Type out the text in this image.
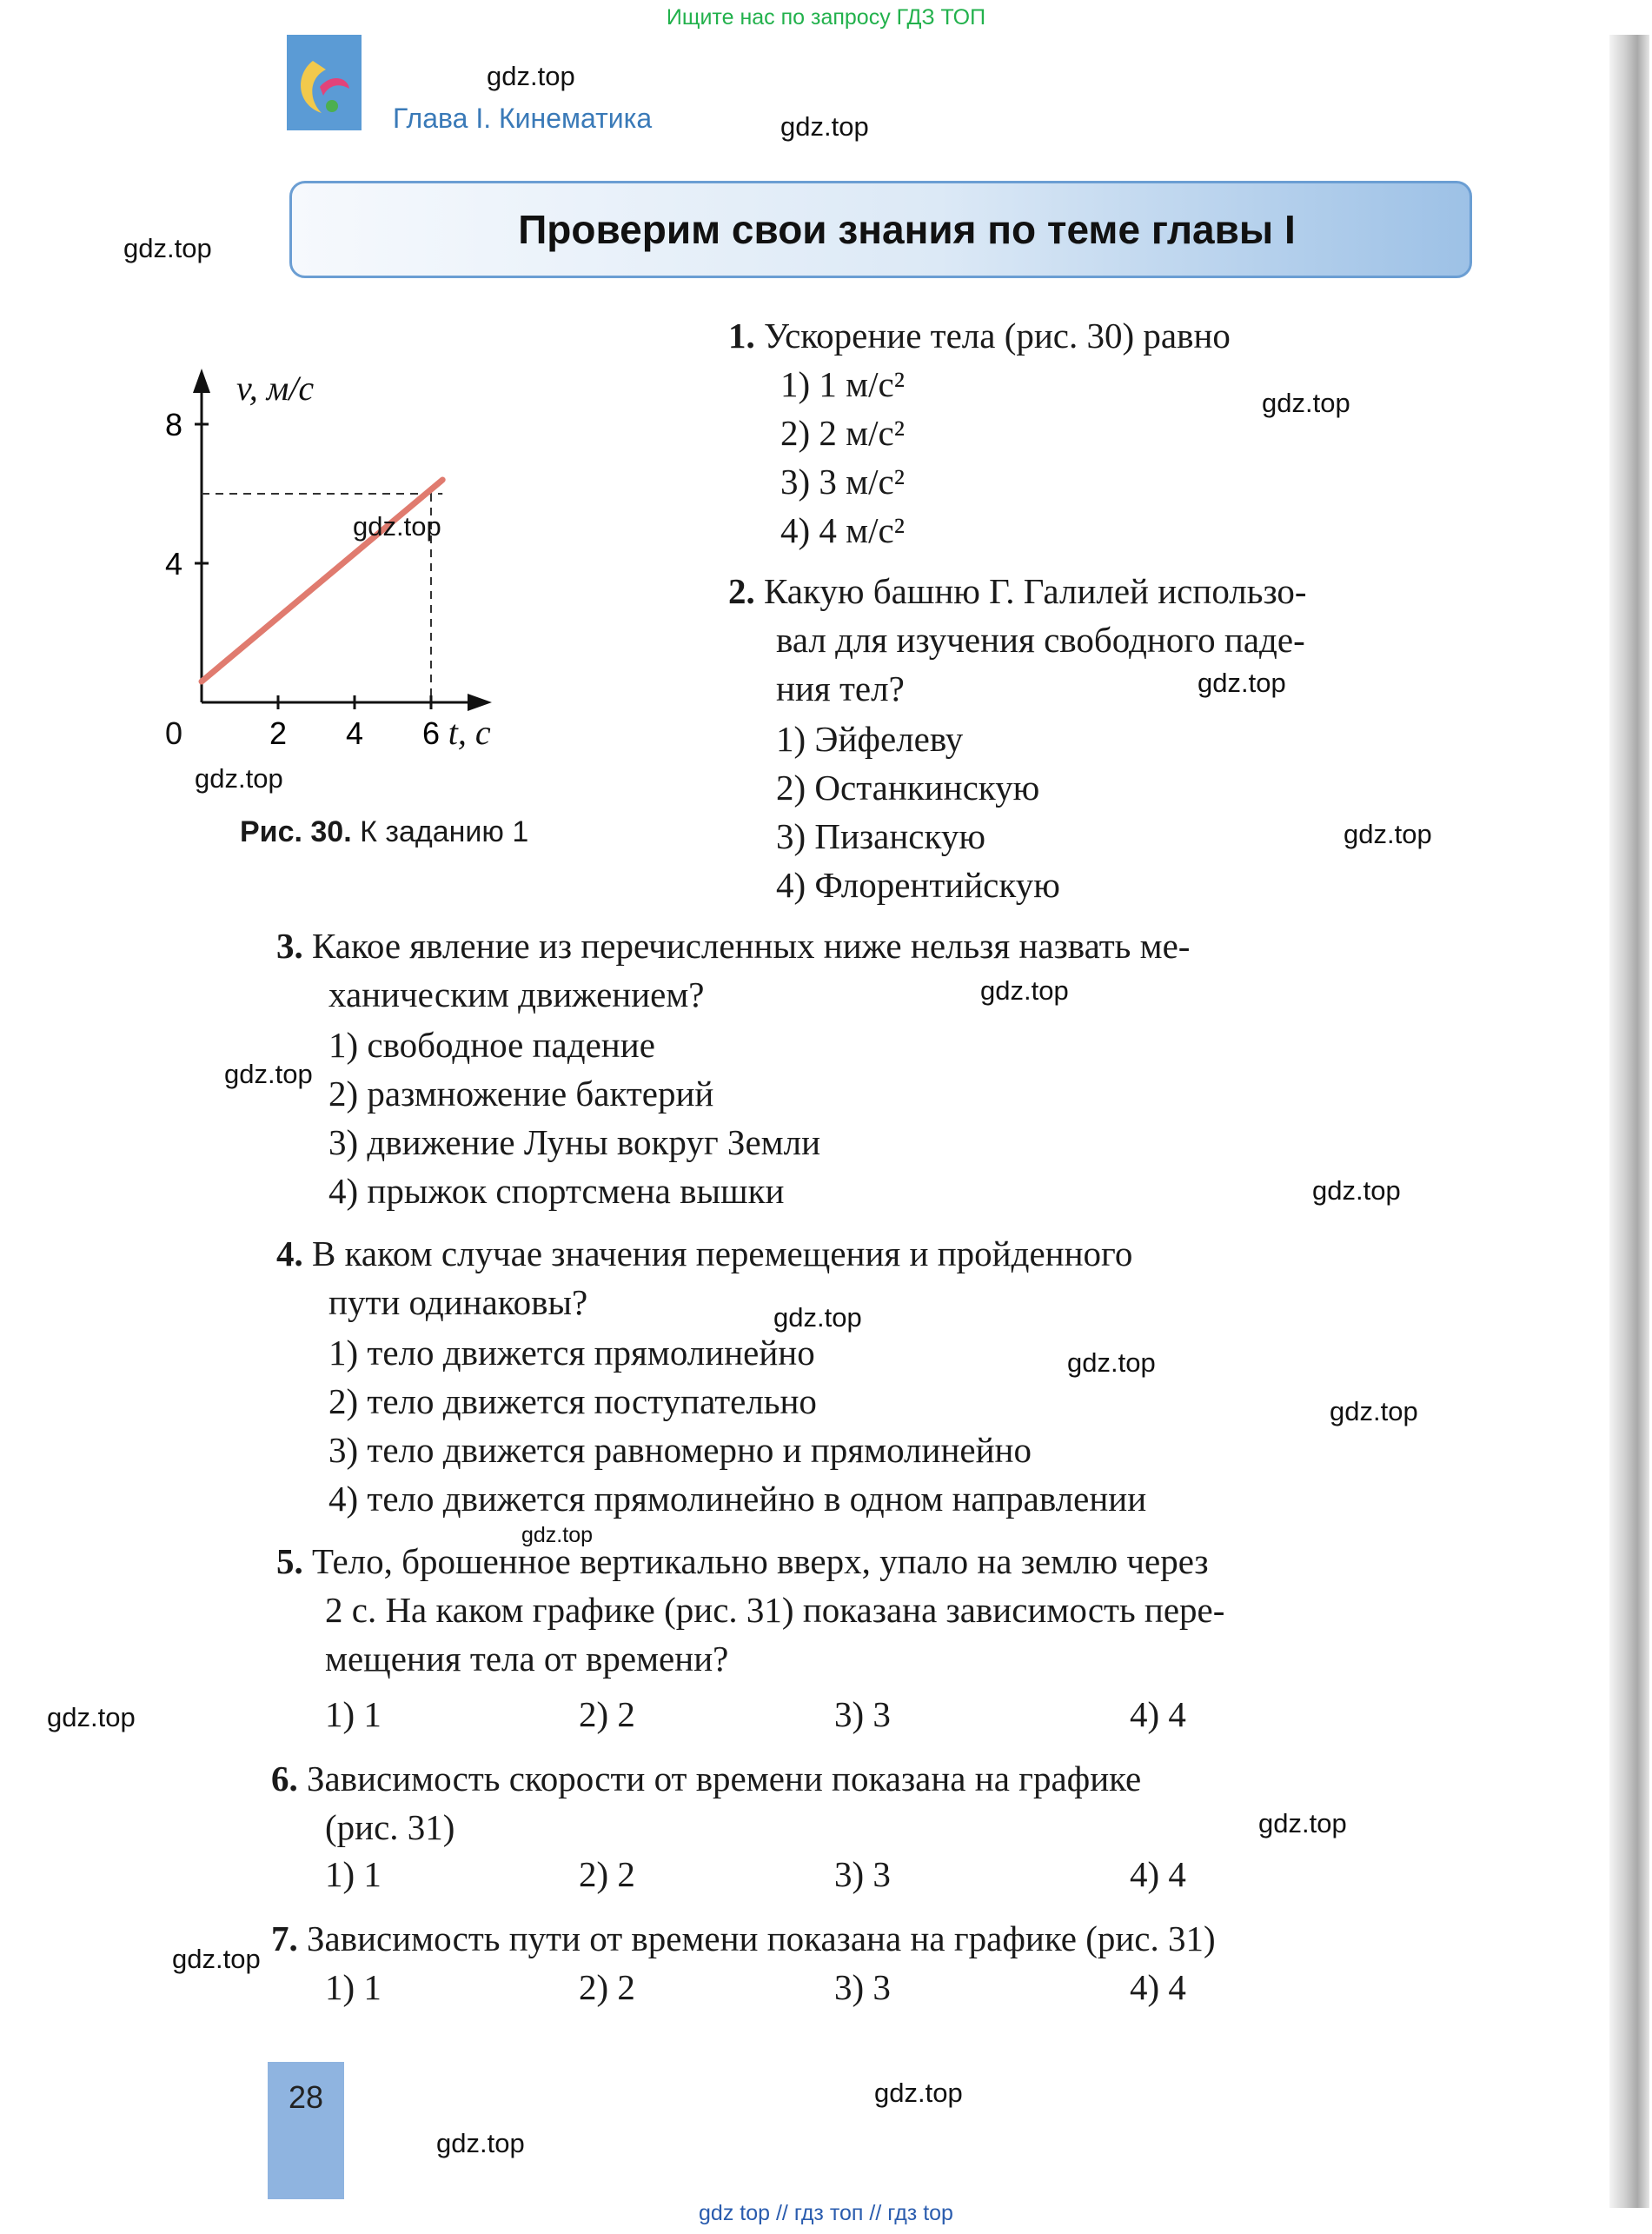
Ищите нас по запросу ГДЗ ТОП
Глава I. Кинематика
Проверим свои знания по теме главы I
8
4
2 4 6
v, м/с
t, с
0
Рис. 30. К заданию 1
1. Ускорение тела (рис. 30) равно
1) 1 м/с²
2) 2 м/с²
3) 3 м/с²
4) 4 м/с²
2. Какую башню Г. Галилей использо-
вал для изучения свободного паде-
ния тел?
1) Эйфелеву
2) Останкинскую
3) Пизанскую
4) Флорентийскую
3. Какое явление из перечисленных ниже нельзя назвать ме-
ханическим движением?
1) свободное падение
2) размножение бактерий
3) движение Луны вокруг Земли
4) прыжок спортсмена вышки
4. В каком случае значения перемещения и пройденного
пути одинаковы?
1) тело движется прямолинейно
2) тело движется поступательно
3) тело движется равномерно и прямолинейно
4) тело движется прямолинейно в одном направлении
5. Тело, брошенное вертикально вверх, упало на землю через
2 с. На каком графике (рис. 31) показана зависимость пере-
мещения тела от времени?
1) 1	2) 2	3) 3	4) 4
6. Зависимость скорости от времени показана на графике
(рис. 31)
1) 1	2) 2	3) 3	4) 4
7. Зависимость пути от времени показана на графике (рис. 31)
1) 1	2) 2	3) 3	4) 4
28
gdz.top
gdz.top
gdz.top
gdz.top
gdz.top
gdz.top
gdz.top
gdz.top
gdz.top
gdz.top
gdz.top
gdz.top
gdz.top
gdz.top
gdz.top
gdz.top
gdz.top
gdz.top
gdz.top
gdz.top
gdz top // гдз топ // гдз top
